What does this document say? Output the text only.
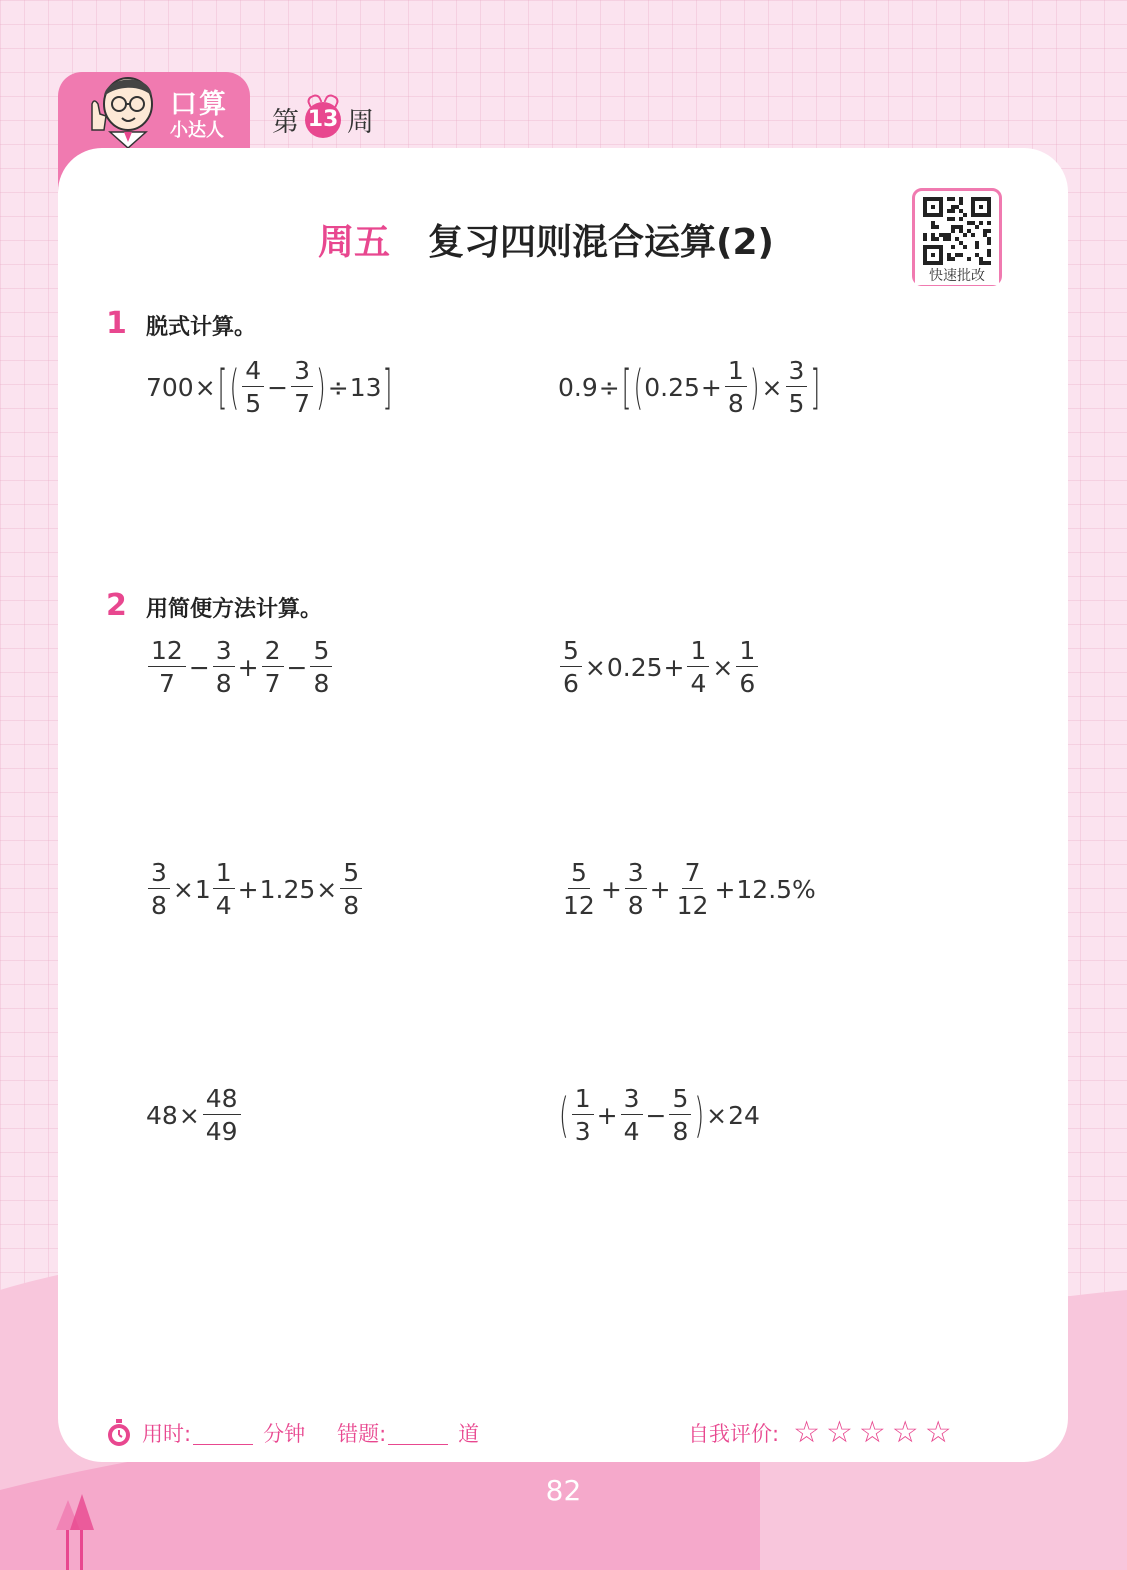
口算
小达人 第 13 周
周五 复习四则混合运算(2)
快速批改
1 脱式计算。
700 × [ ( $\frac{4}{5} - \frac{3}{7}$ ) ÷ 13 ]	0.9 ÷ [ ( $0.25 + \frac{1}{8}$ ) × $\frac{3}{5}$ ]
2 用简便方法计算。
$\frac{12}{7} - \frac{3}{8} + \frac{2}{7} - \frac{5}{8}$	$\frac{5}{6} \times 0.25 + \frac{1}{4} \times \frac{1}{6}$
$\frac{3}{8} \times 1 \frac{1}{4} + 1.25 \times \frac{5}{8}$	$\frac{5}{12} + \frac{3}{8} + \frac{7}{12} + 12.5\%$
$48 \times \frac{48}{49}$	( $\frac{1}{3} + \frac{3}{4} - \frac{5}{8}$ ) × 24
用时:	分钟 错题:	道	自我评价: ☆ ☆ ☆ ☆ ☆
82
